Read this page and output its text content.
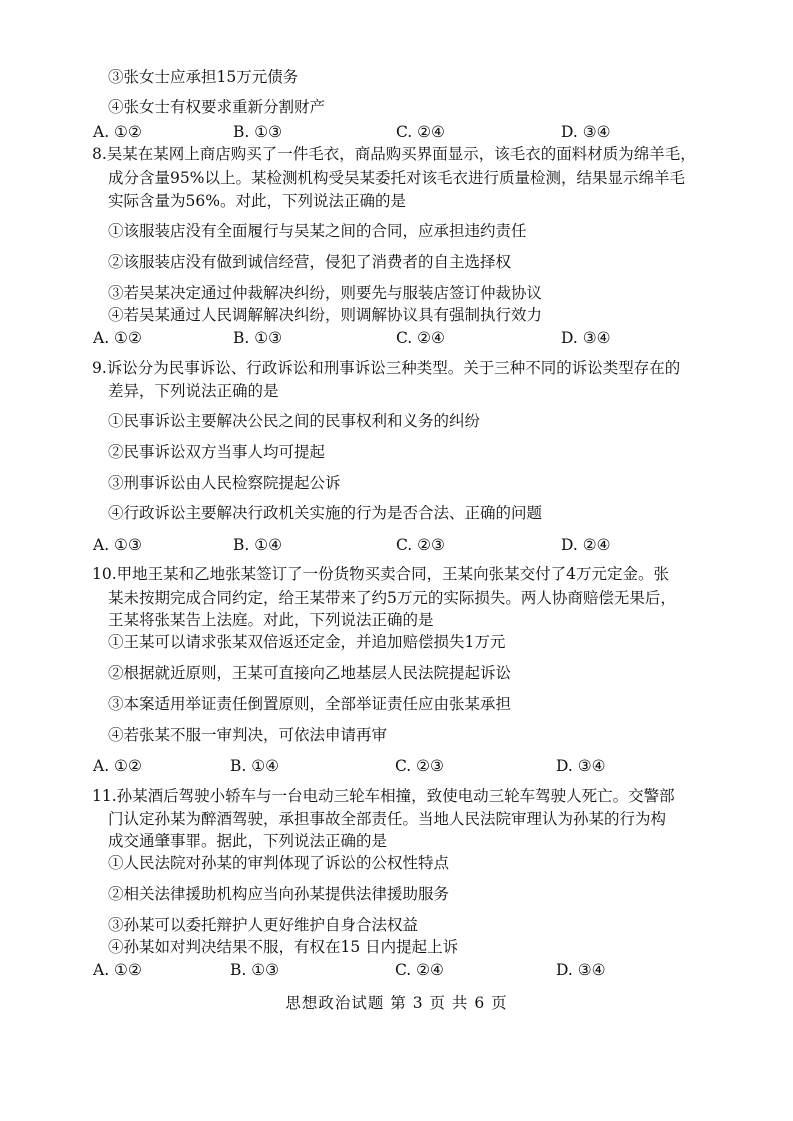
③张女士应承担15万元债务
④张女士有权要求重新分割财产
A. ①②	B. ①③	C. ②④	D. ③④
8.吴某在某网上商店购买了一件毛衣，商品购买界面显示，该毛衣的面料材质为绵羊毛，
成分含量95%以上。某检测机构受吴某委托对该毛衣进行质量检测，结果显示绵羊毛
实际含量为56%。对此，下列说法正确的是
①该服装店没有全面履行与吴某之间的合同，应承担违约责任
②该服装店没有做到诚信经营，侵犯了消费者的自主选择权
③若吴某决定通过仲裁解决纠纷，则要先与服装店签订仲裁协议
④若吴某通过人民调解解决纠纷，则调解协议具有强制执行效力
A. ①②	B. ①③	C. ②④	D. ③④
9.诉讼分为民事诉讼、行政诉讼和刑事诉讼三种类型。关于三种不同的诉讼类型存在的
差异，下列说法正确的是
①民事诉讼主要解决公民之间的民事权利和义务的纠纷
②民事诉讼双方当事人均可提起
③刑事诉讼由人民检察院提起公诉
④行政诉讼主要解决行政机关实施的行为是否合法、正确的问题
A. ①③	B. ①④	C. ②③	D. ②④
10.甲地王某和乙地张某签订了一份货物买卖合同，王某向张某交付了4万元定金。张
某未按期完成合同约定，给王某带来了约5万元的实际损失。两人协商赔偿无果后，
王某将张某告上法庭。对此，下列说法正确的是
①王某可以请求张某双倍返还定金，并追加赔偿损失1万元
②根据就近原则，王某可直接向乙地基层人民法院提起诉讼
③本案适用举证责任倒置原则，全部举证责任应由张某承担
④若张某不服一审判决，可依法申请再审
A. ①②	B. ①④	C. ②③	D. ③④
11.孙某酒后驾驶小轿车与一台电动三轮车相撞，致使电动三轮车驾驶人死亡。交警部
门认定孙某为醉酒驾驶，承担事故全部责任。当地人民法院审理认为孙某的行为构
成交通肇事罪。据此，下列说法正确的是
①人民法院对孙某的审判体现了诉讼的公权性特点
②相关法律援助机构应当向孙某提供法律援助服务
③孙某可以委托辩护人更好维护自身合法权益
④孙某如对判决结果不服，有权在15 日内提起上诉
A. ①②	B. ①③	C. ②④	D. ③④
思想政治试题 第 3 页 共 6 页
